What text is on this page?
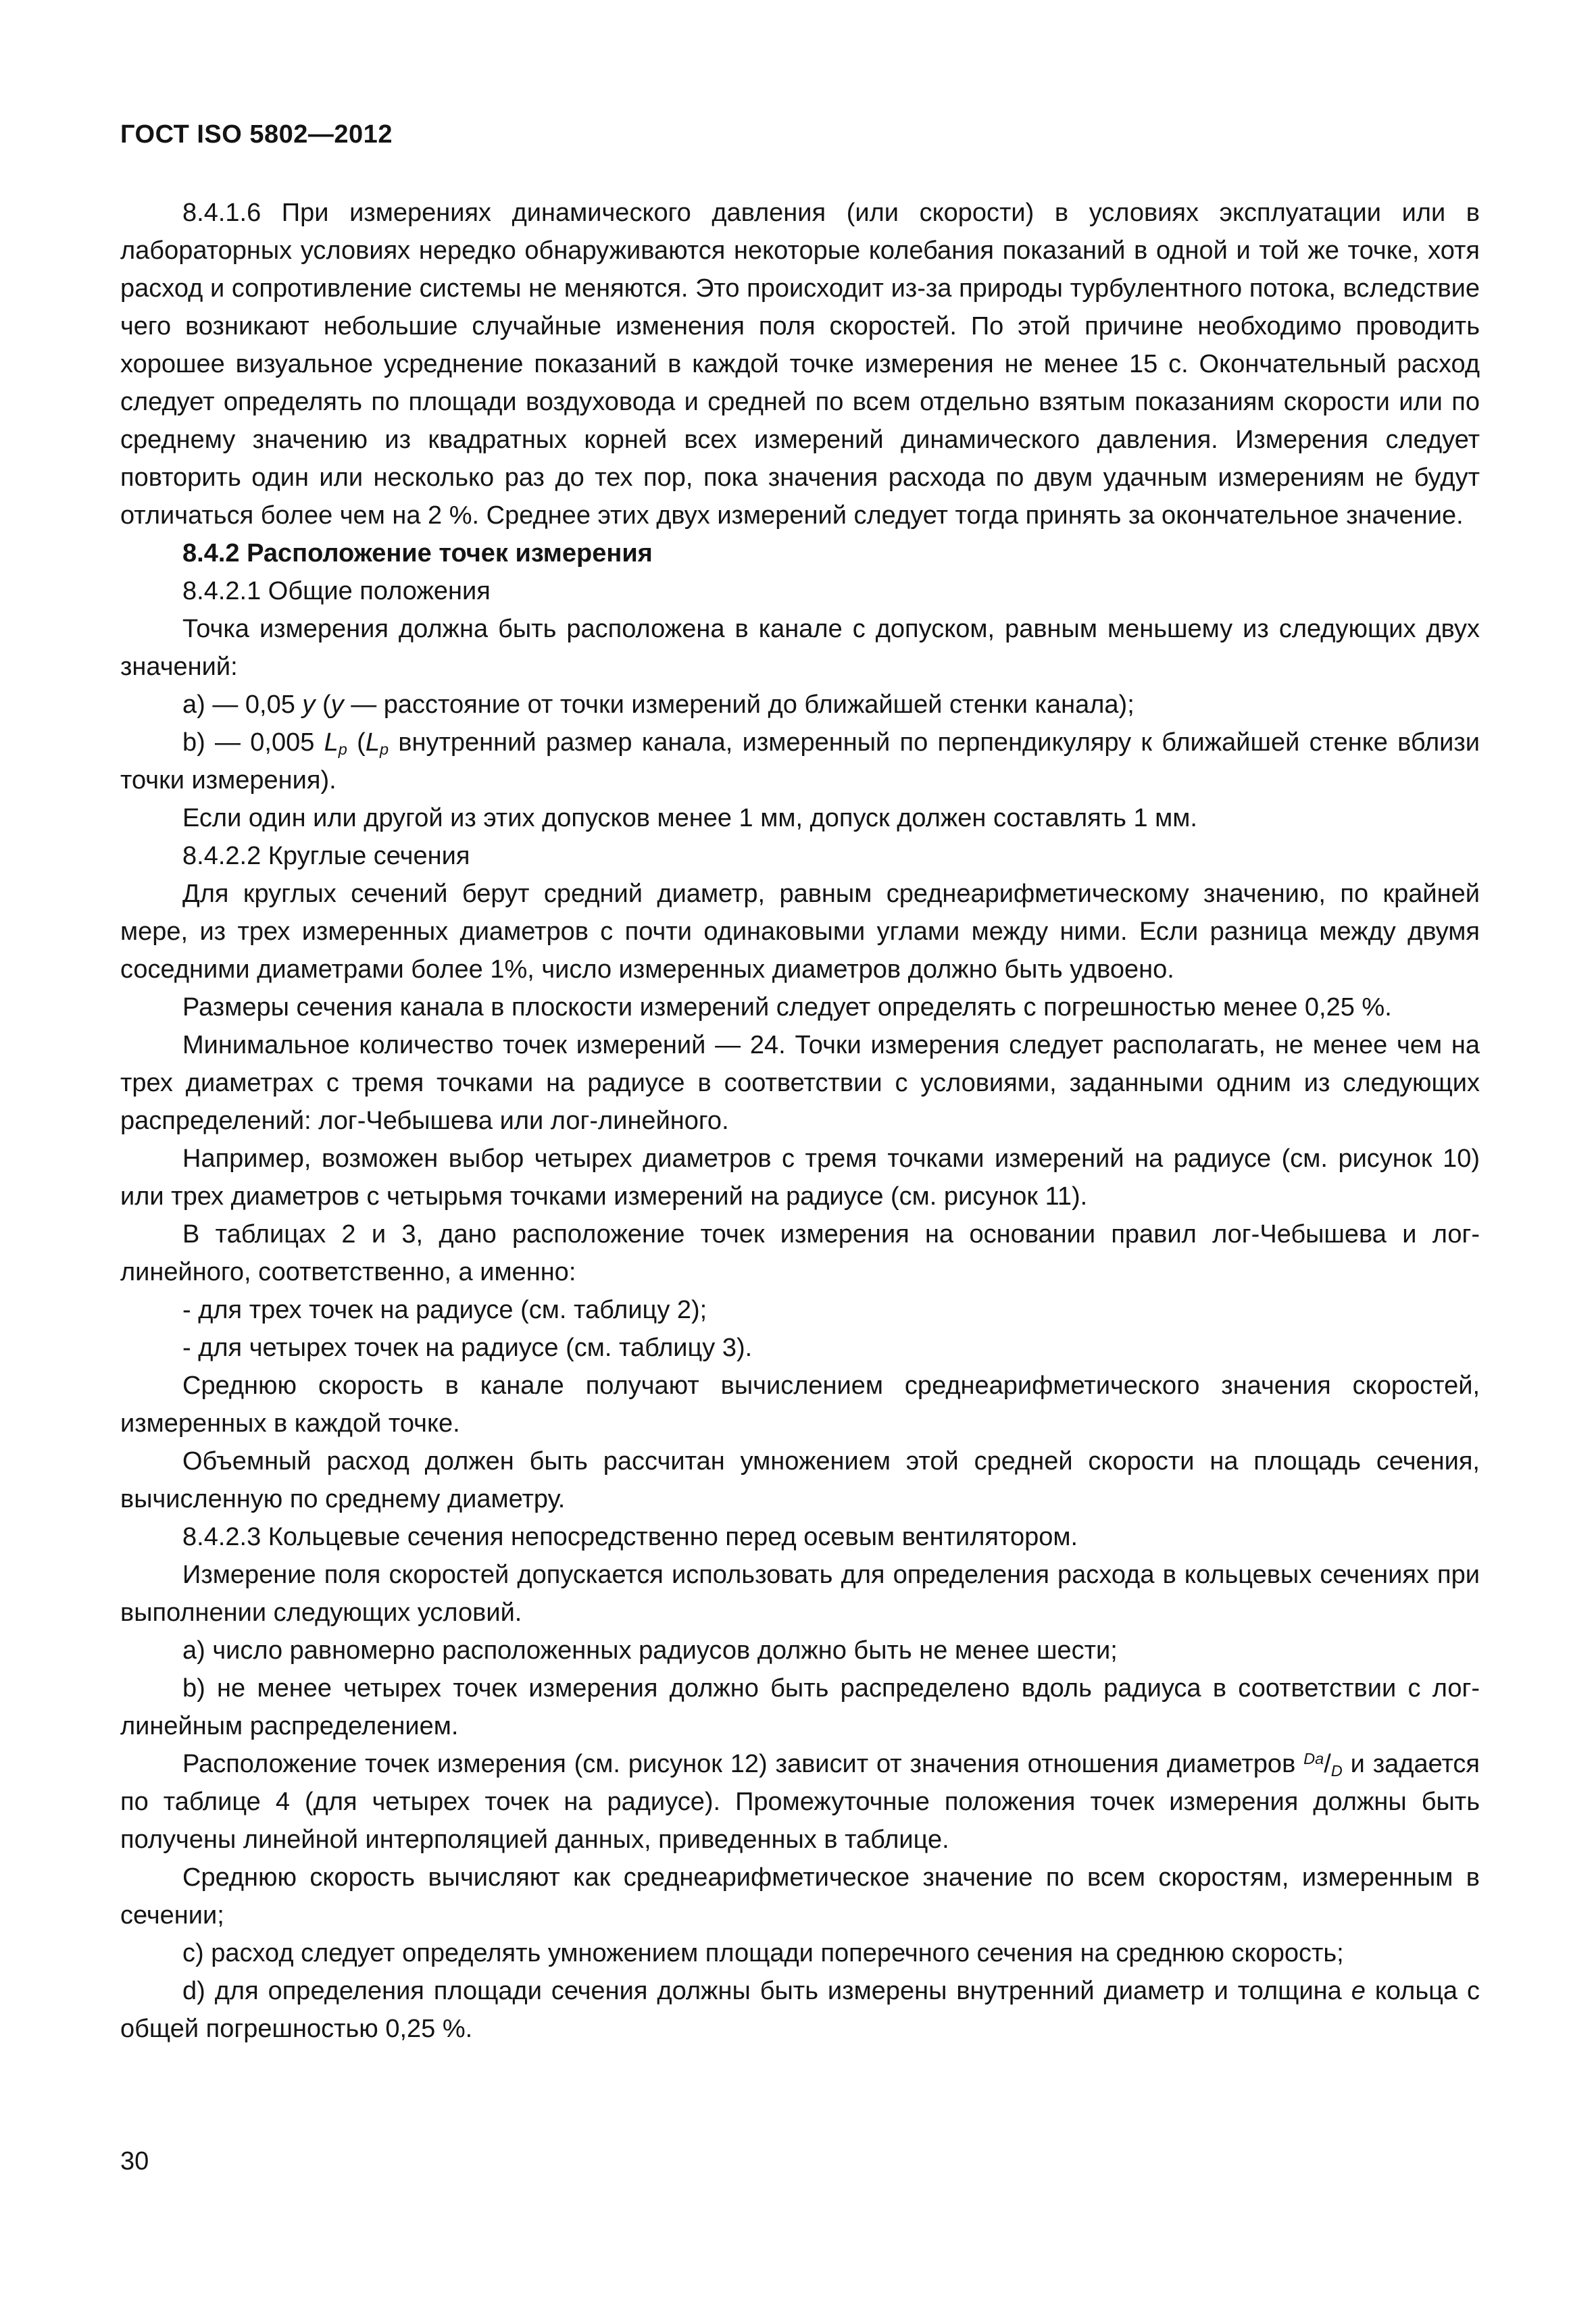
ГОСТ ISO 5802—2012

8.4.1.6 При измерениях динамического давления (или скорости) в условиях эксплуатации или в лабораторных условиях нередко обнаруживаются некоторые колебания показаний в одной и той же точке, хотя расход и сопротивление системы не меняются. Это происходит из-за природы турбулентного потока, вследствие чего возникают небольшие случайные изменения поля скоростей. По этой причине необходимо проводить хорошее визуальное усреднение показаний в каждой точке измерения не менее 15 с. Окончательный расход следует определять по площади воздуховода и средней по всем отдельно взятым показаниям скорости или по среднему значению из квадратных корней всех измерений динамического давления. Измерения следует повторить один или несколько раз до тех пор, пока значения расхода по двум удачным измерениям не будут отличаться более чем на 2 %. Среднее этих двух измерений следует тогда принять за окончательное значение.

8.4.2 Расположение точек измерения

8.4.2.1 Общие положения

Точка измерения должна быть расположена в канале с допуском, равным меньшему из следующих двух значений:

a) — 0,05 y (y — расстояние от точки измерений до ближайшей стенки канала);

b) — 0,005 $L_p$ ($L_p$ внутренний размер канала, измеренный по перпендикуляру к ближайшей стенке вблизи точки измерения).

Если один или другой из этих допусков менее 1 мм, допуск должен составлять 1 мм.

8.4.2.2 Круглые сечения

Для круглых сечений берут средний диаметр, равным среднеарифметическому значению, по крайней мере, из трех измеренных диаметров с почти одинаковыми углами между ними. Если разница между двумя соседними диаметрами более 1%, число измеренных диаметров должно быть удвоено.

Размеры сечения канала в плоскости измерений следует определять с погрешностью менее 0,25 %.

Минимальное количество точек измерений — 24. Точки измерения следует располагать, не менее чем на трех диаметрах с тремя точками на радиусе в соответствии с условиями, заданными одним из следующих распределений: лог-Чебышева или лог-линейного.

Например, возможен выбор четырех диаметров с тремя точками измерений на радиусе (см. рисунок 10) или трех диаметров с четырьмя точками измерений на радиусе (см. рисунок 11).

В таблицах 2 и 3, дано расположение точек измерения на основании правил лог-Чебышева и лог-линейного, соответственно, а именно:

- для трех точек на радиусе (см. таблицу 2);

- для четырех точек на радиусе (см. таблицу 3).

Среднюю скорость в канале получают вычислением среднеарифметического значения скоростей, измеренных в каждой точке.

Объемный расход должен быть рассчитан умножением этой средней скорости на площадь сечения, вычисленную по среднему диаметру.

8.4.2.3 Кольцевые сечения непосредственно перед осевым вентилятором.

Измерение поля скоростей допускается использовать для определения расхода в кольцевых сечениях при выполнении следующих условий.

a) число равномерно расположенных радиусов должно быть не менее шести;

b) не менее четырех точек измерения должно быть распределено вдоль радиуса в соответствии с лог-линейным распределением.

Расположение точек измерения (см. рисунок 12) зависит от значения отношения диаметров $^{Da}/_D$ и задается по таблице 4 (для четырех точек на радиусе). Промежуточные положения точек измерения должны быть получены линейной интерполяцией данных, приведенных в таблице.

Среднюю скорость вычисляют как среднеарифметическое значение по всем скоростям, измеренным в сечении;

c) расход следует определять умножением площади поперечного сечения на среднюю скорость;

d) для определения площади сечения должны быть измерены внутренний диаметр и толщина e кольца с общей погрешностью 0,25 %.

30
